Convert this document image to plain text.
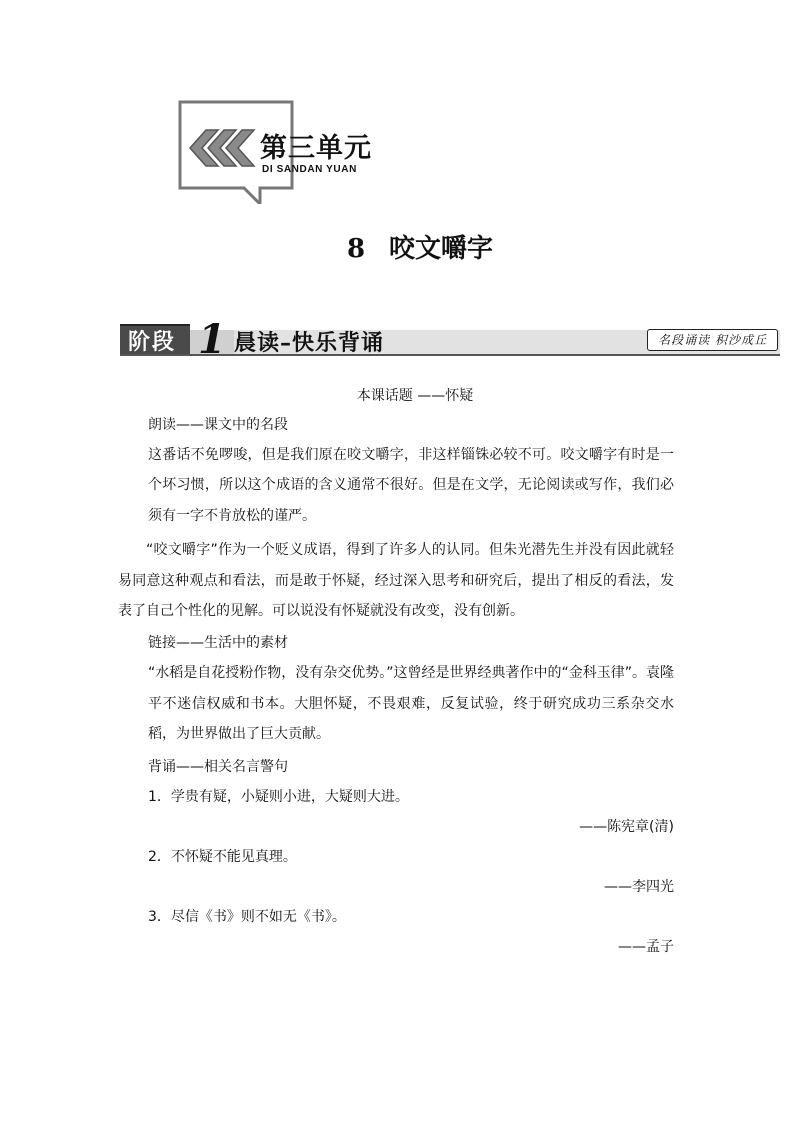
第三单元
DI SANDAN YUAN
8 咬文嚼字
阶段 1 晨读–快乐背诵	名段诵读 积沙成丘
本课话题 ——怀疑
朗读——课文中的名段

这番话不免啰唆，但是我们原在咬文嚼字，非这样锱铢必较不可。咬文嚼字有时是一个坏习惯，所以这个成语的含义通常不很好。但是在文学，无论阅读或写作，我们必须有一字不肯放松的谨严。

“咬文嚼字”作为一个贬义成语，得到了许多人的认同。但朱光潜先生并没有因此就轻易同意这种观点和看法，而是敢于怀疑，经过深入思考和研究后，提出了相反的看法，发表了自己个性化的见解。可以说没有怀疑就没有改变，没有创新。

链接——生活中的素材

“水稻是自花授粉作物，没有杂交优势。”这曾经是世界经典著作中的“金科玉律”。袁隆平不迷信权威和书本。大胆怀疑，不畏艰难，反复试验，终于研究成功三系杂交水稻，为世界做出了巨大贡献。

背诵——相关名言警句
1．学贵有疑，小疑则小进，大疑则大进。
——陈宪章(清)
2．不怀疑不能见真理。
——李四光
3．尽信《书》则不如无《书》。
——孟子
